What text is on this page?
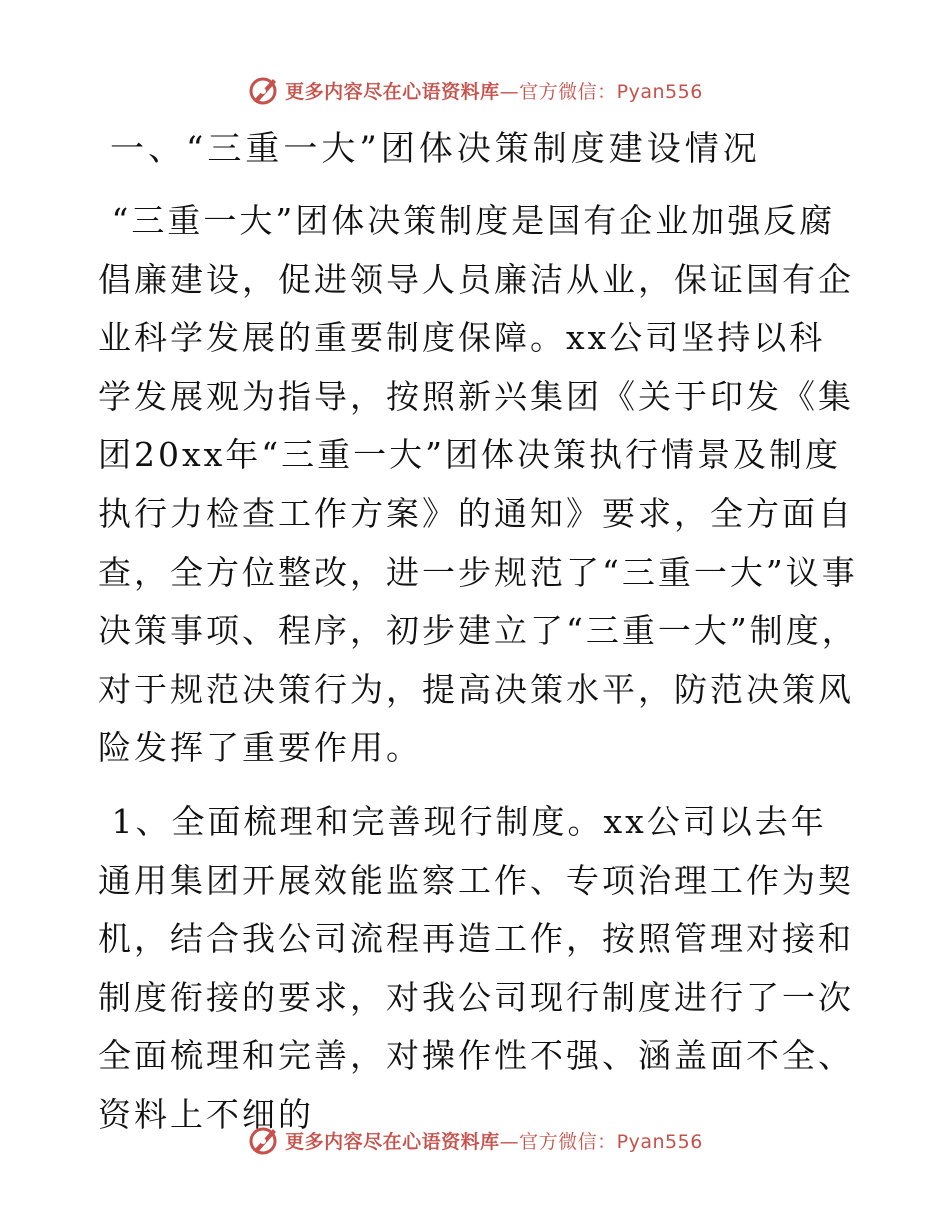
更多内容尽在心语资料库—官方微信：Pyan556
一、“三重一大”团体决策制度建设情况
“三重一大”团体决策制度是国有企业加强反腐倡廉建设，促进领导人员廉洁从业，保证国有企业科学发展的重要制度保障。xx公司坚持以科学发展观为指导，按照新兴集团《关于印发《集团20xx年“三重一大”团体决策执行情景及制度执行力检查工作方案》的通知》要求，全方面自查，全方位整改，进一步规范了“三重一大”议事决策事项、程序，初步建立了“三重一大”制度，对于规范决策行为，提高决策水平，防范决策风险发挥了重要作用。
1、全面梳理和完善现行制度。xx公司以去年通用集团开展效能监察工作、专项治理工作为契机，结合我公司流程再造工作，按照管理对接和制度衔接的要求，对我公司现行制度进行了一次全面梳理和完善，对操作性不强、涵盖面不全、资料上不细的
更多内容尽在心语资料库—官方微信：Pyan556
